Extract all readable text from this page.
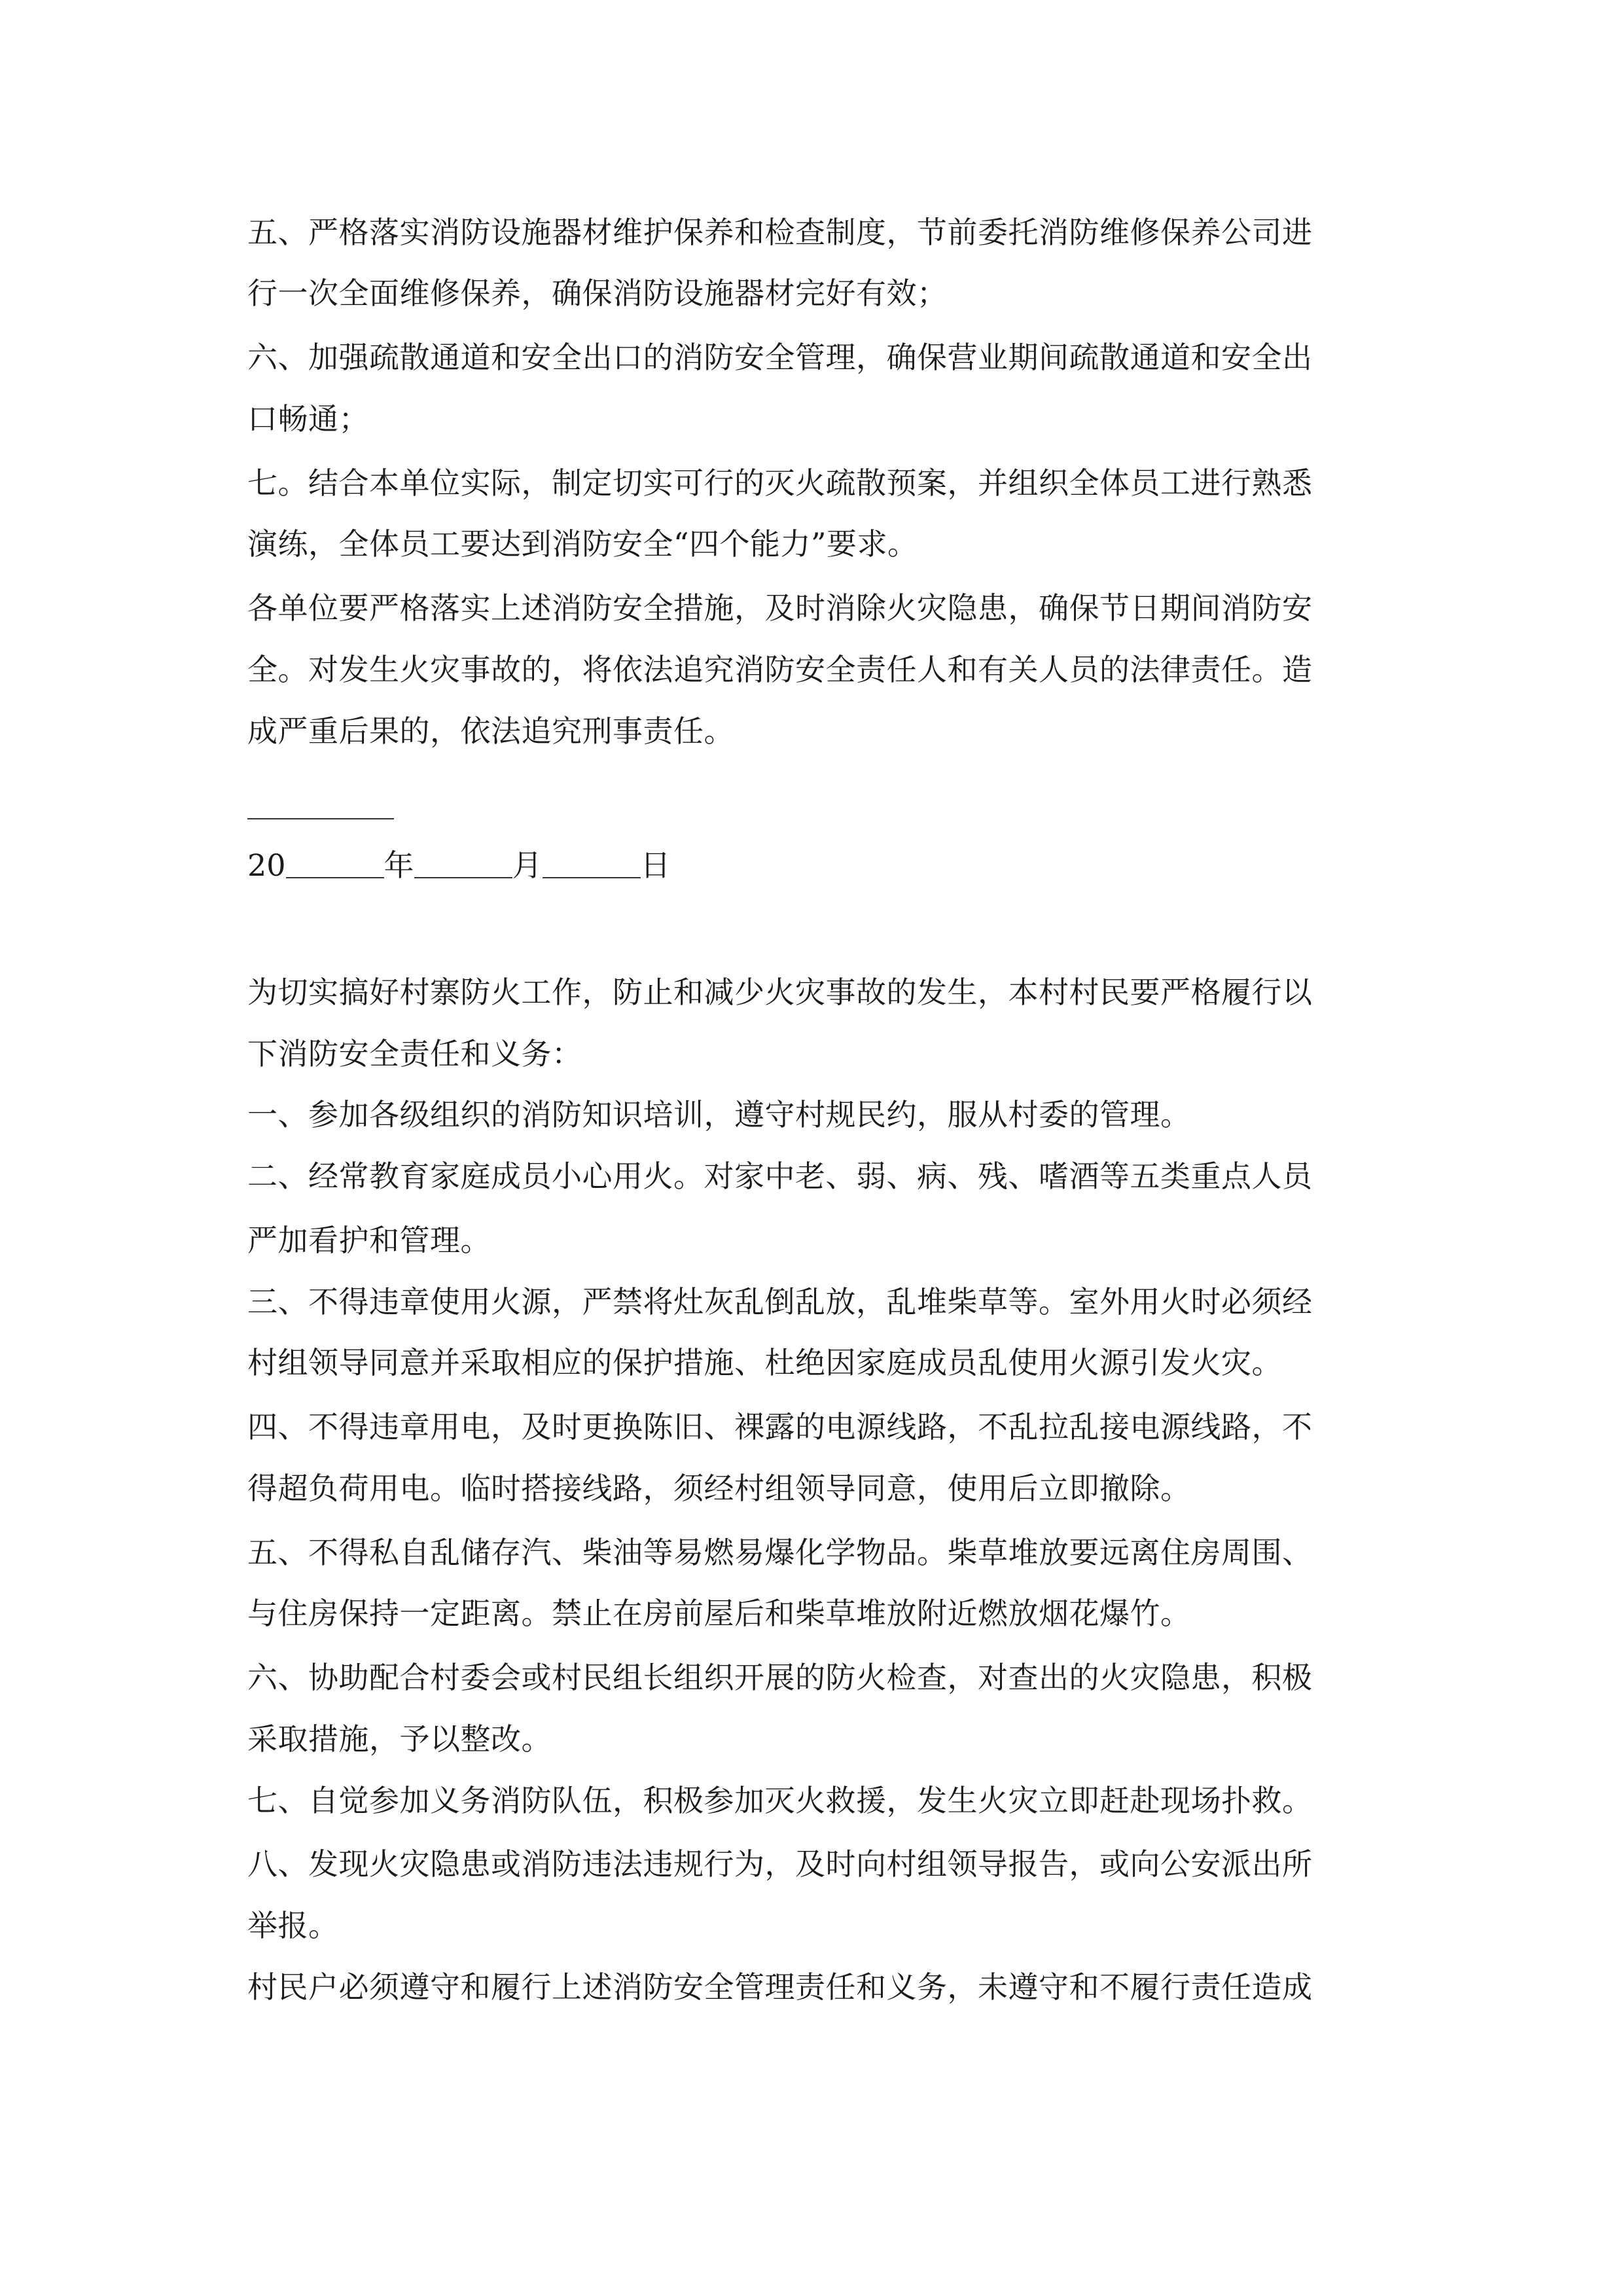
五、严格落实消防设施器材维护保养和检查制度，节前委托消防维修保养公司进
行一次全面维修保养，确保消防设施器材完好有效；
六、加强疏散通道和安全出口的消防安全管理，确保营业期间疏散通道和安全出
口畅通；
七。结合本单位实际，制定切实可行的灭火疏散预案，并组织全体员工进行熟悉
演练，全体员工要达到消防安全“四个能力”要求。
各单位要严格落实上述消防安全措施，及时消除火灾隐患，确保节日期间消防安
全。对发生火灾事故的，将依法追究消防安全责任人和有关人员的法律责任。造
成严重后果的，依法追究刑事责任。
20	年	月	日
为切实搞好村寨防火工作，防止和减少火灾事故的发生，本村村民要严格履行以
下消防安全责任和义务：
一、参加各级组织的消防知识培训，遵守村规民约，服从村委的管理。
二、经常教育家庭成员小心用火。对家中老、弱、病、残、嗜酒等五类重点人员
严加看护和管理。
三、不得违章使用火源，严禁将灶灰乱倒乱放，乱堆柴草等。室外用火时必须经
村组领导同意并采取相应的保护措施、杜绝因家庭成员乱使用火源引发火灾。
四、不得违章用电，及时更换陈旧、裸露的电源线路，不乱拉乱接电源线路，不
得超负荷用电。临时搭接线路，须经村组领导同意，使用后立即撤除。
五、不得私自乱储存汽、柴油等易燃易爆化学物品。柴草堆放要远离住房周围、
与住房保持一定距离。禁止在房前屋后和柴草堆放附近燃放烟花爆竹。
六、协助配合村委会或村民组长组织开展的防火检查，对查出的火灾隐患，积极
采取措施，予以整改。
七、自觉参加义务消防队伍，积极参加灭火救援，发生火灾立即赶赴现场扑救。
八、发现火灾隐患或消防违法违规行为，及时向村组领导报告，或向公安派出所
举报。
村民户必须遵守和履行上述消防安全管理责任和义务，未遵守和不履行责任造成
